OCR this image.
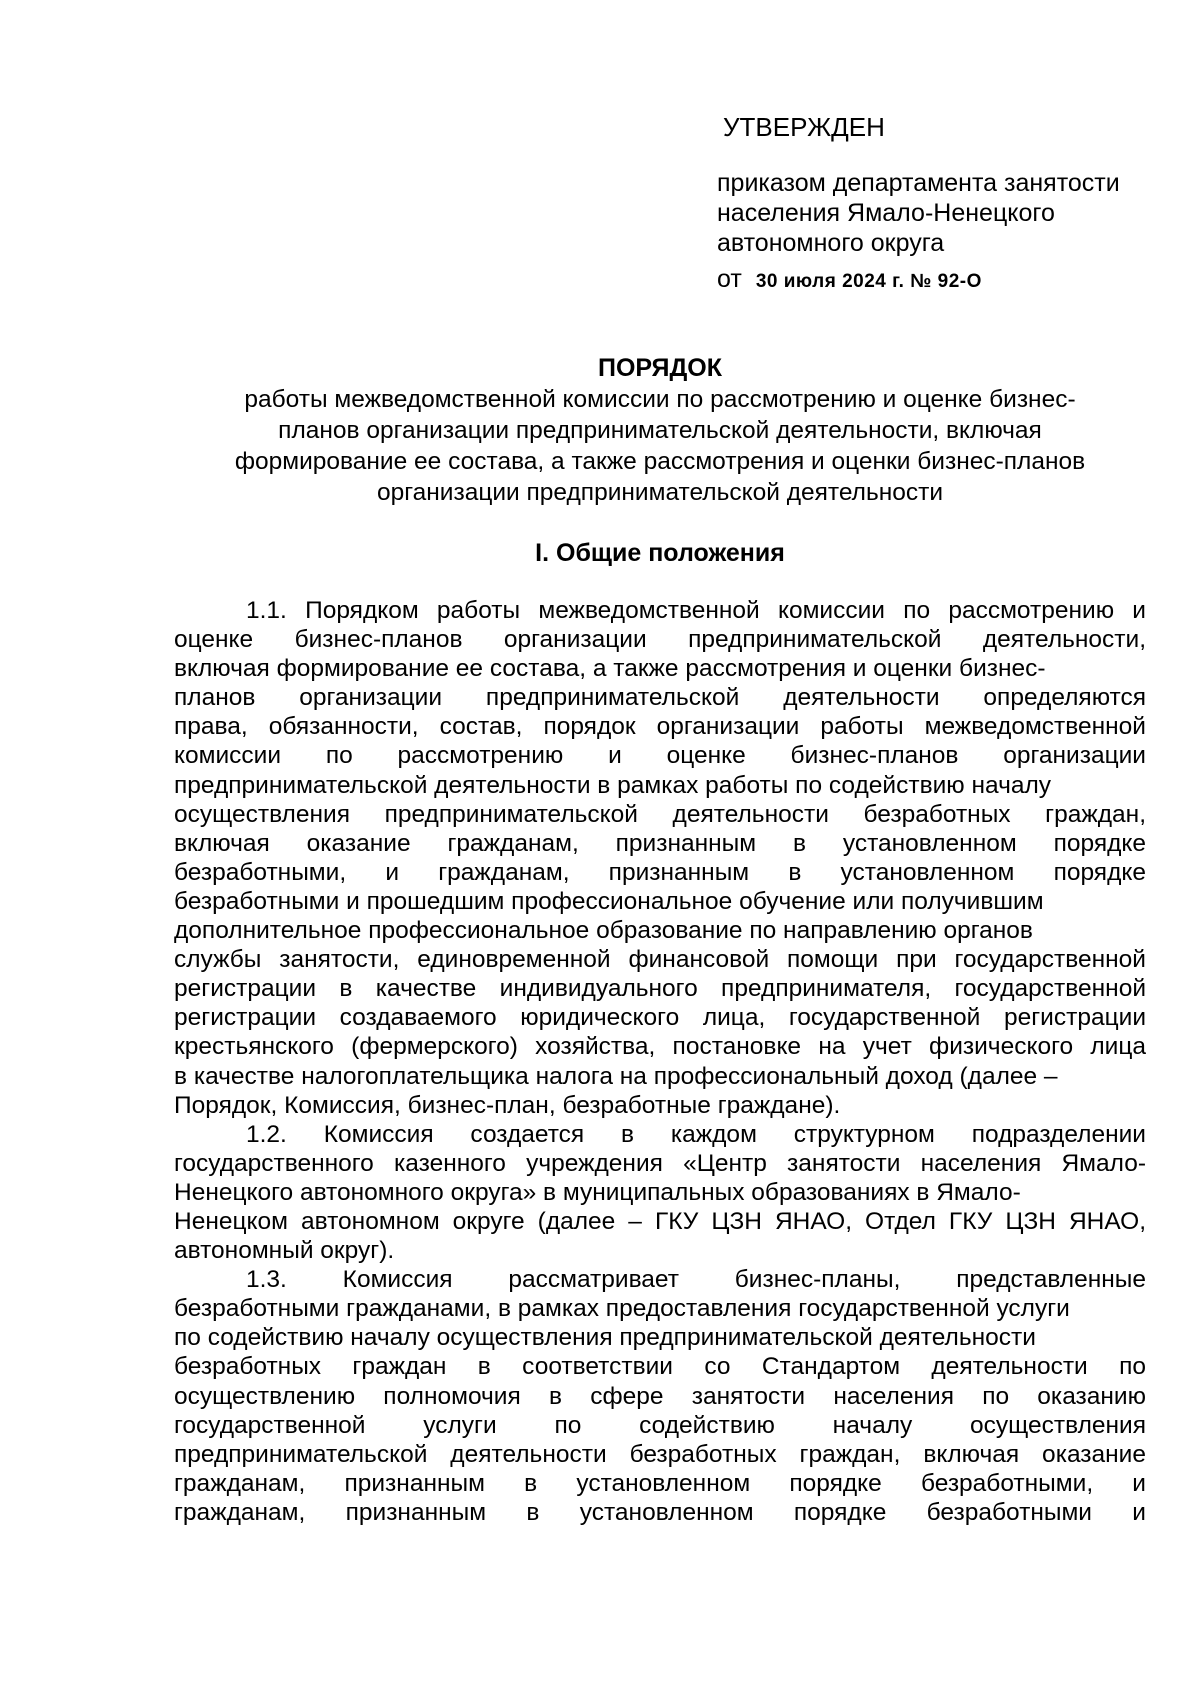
УТВЕРЖДЕН
приказом департамента занятости
населения Ямало-Ненецкого
автономного округа
от 30 июля 2024 г. № 92-О
ПОРЯДОК
работы межведомственной комиссии по рассмотрению и оценке бизнес-
планов организации предпринимательской деятельности, включая
формирование ее состава, а также рассмотрения и оценки бизнес-планов
организации предпринимательской деятельности
I. Общие положения
1.1. Порядком работы межведомственной комиссии по рассмотрению и
оценке бизнес-планов организации предпринимательской деятельности,
включая формирование ее состава, а также рассмотрения и оценки бизнес-
планов организации предпринимательской деятельности определяются
права, обязанности, состав, порядок организации работы межведомственной
комиссии по рассмотрению и оценке бизнес-планов организации
предпринимательской деятельности в рамках работы по содействию началу
осуществления предпринимательской деятельности безработных граждан,
включая оказание гражданам, признанным в установленном порядке
безработными, и гражданам, признанным в установленном порядке
безработными и прошедшим профессиональное обучение или получившим
дополнительное профессиональное образование по направлению органов
службы занятости, единовременной финансовой помощи при государственной
регистрации в качестве индивидуального предпринимателя, государственной
регистрации создаваемого юридического лица, государственной регистрации
крестьянского (фермерского) хозяйства, постановке на учет физического лица
в качестве налогоплательщика налога на профессиональный доход (далее –
Порядок, Комиссия, бизнес-план, безработные граждане).
1.2. Комиссия создается в каждом структурном подразделении
государственного казенного учреждения «Центр занятости населения Ямало-
Ненецкого автономного округа» в муниципальных образованиях в Ямало-
Ненецком автономном округе (далее – ГКУ ЦЗН ЯНАО, Отдел ГКУ ЦЗН ЯНАО,
автономный округ).
1.3. Комиссия рассматривает бизнес-планы, представленные
безработными гражданами, в рамках предоставления государственной услуги
по содействию началу осуществления предпринимательской деятельности
безработных граждан в соответствии со Стандартом деятельности по
осуществлению полномочия в сфере занятости населения по оказанию
государственной услуги по содействию началу осуществления
предпринимательской деятельности безработных граждан, включая оказание
гражданам, признанным в установленном порядке безработными, и
гражданам, признанным в установленном порядке безработными и
